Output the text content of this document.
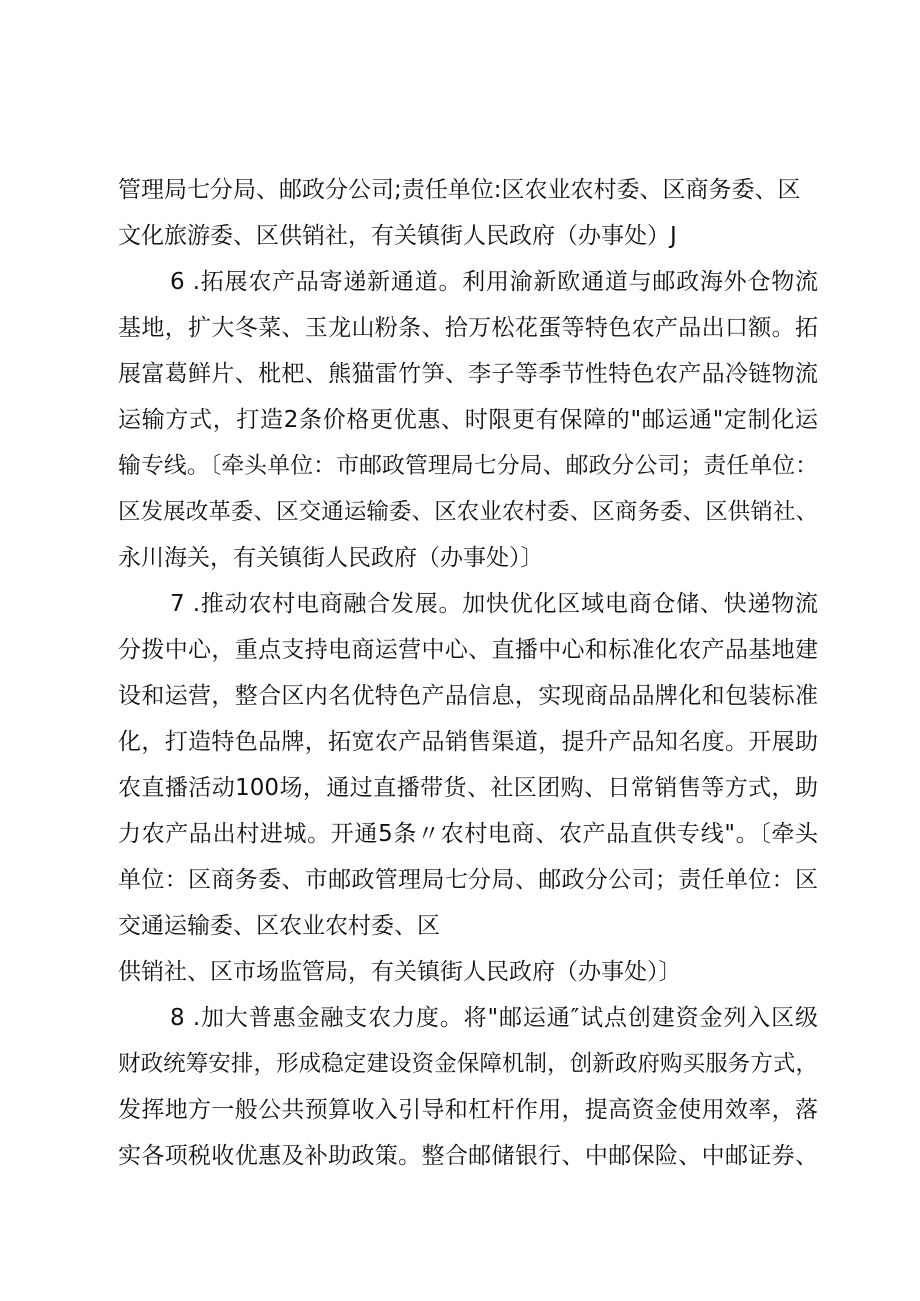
管理局七分局、邮政分公司;责任单位:区农业农村委、区商务委、区
文化旅游委、区供销社，有关镇街人民政府（办事处）J
6 .拓展农产品寄递新通道。利用渝新欧通道与邮政海外仓物流
基地，扩大冬菜、玉龙山粉条、拾万松花蛋等特色农产品出口额。拓
展富葛鲜片、枇杷、熊猫雷竹笋、李子等季节性特色农产品冷链物流
运输方式，打造2条价格更优惠、时限更有保障的"邮运通"定制化运
输专线。〔牵头单位：市邮政管理局七分局、邮政分公司；责任单位：
区发展改革委、区交通运输委、区农业农村委、区商务委、区供销社、
永川海关，有关镇街人民政府（办事处）〕
7 .推动农村电商融合发展。加快优化区域电商仓储、快递物流
分拨中心，重点支持电商运营中心、直播中心和标准化农产品基地建
设和运营，整合区内名优特色产品信息，实现商品品牌化和包装标准
化，打造特色品牌，拓宽农产品销售渠道，提升产品知名度。开展助
农直播活动100场，通过直播带货、社区团购、日常销售等方式，助
力农产品出村进城。开通5条〃农村电商、农产品直供专线"。〔牵头
单位：区商务委、市邮政管理局七分局、邮政分公司；责任单位：区
交通运输委、区农业农村委、区
供销社、区市场监管局，有关镇街人民政府（办事处）〕
8 .加大普惠金融支农力度。将"邮运通″试点创建资金列入区级
财政统筹安排，形成稳定建设资金保障机制，创新政府购买服务方式，
发挥地方一般公共预算收入引导和杠杆作用，提高资金使用效率，落
实各项税收优惠及补助政策。整合邮储银行、中邮保险、中邮证券、
